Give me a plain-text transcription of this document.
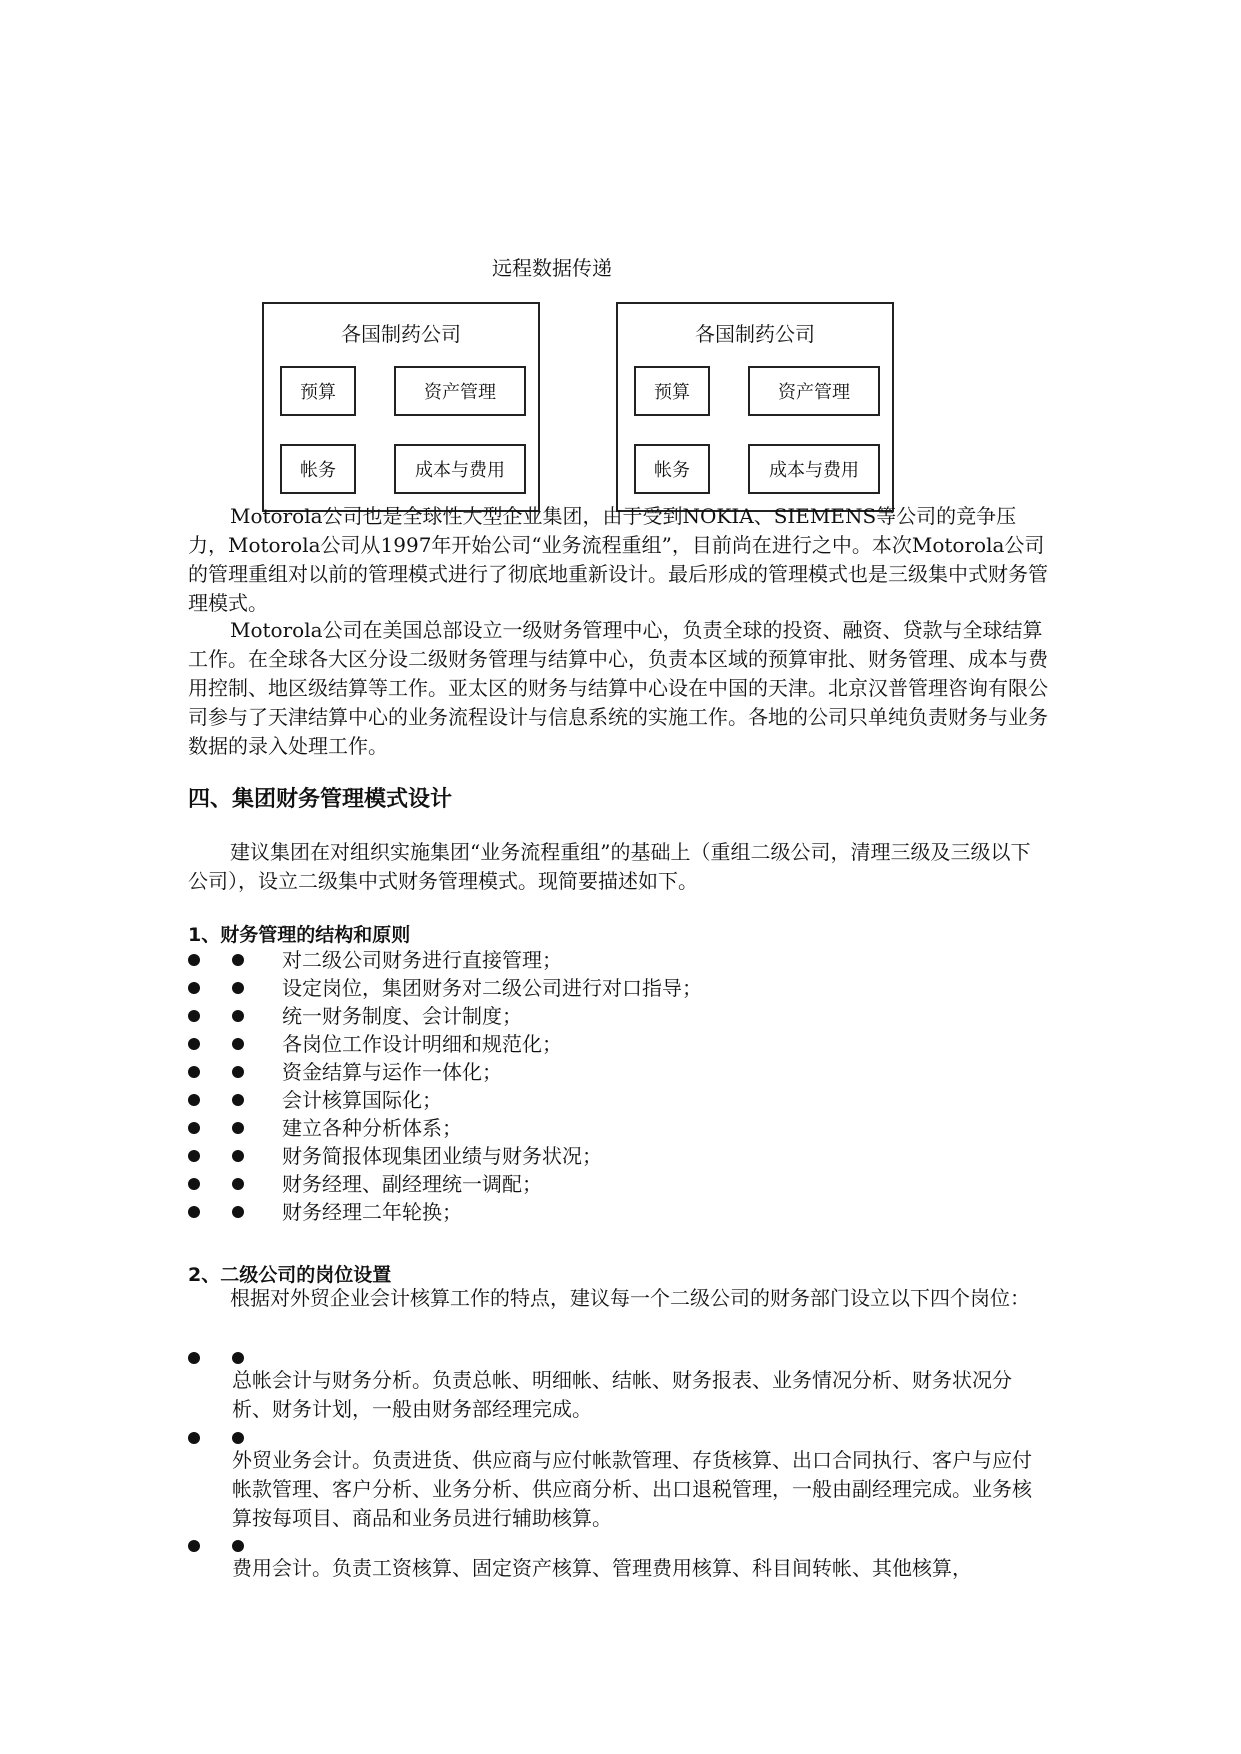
远程数据传递
各国制药公司
预算	资产管理
帐务	成本与费用
各国制药公司
预算	资产管理
帐务	成本与费用
Motorola公司也是全球性大型企业集团，由于受到NOKIA、SIEMENS等公司的竞争压力，Motorola公司从1997年开始公司“业务流程重组”，目前尚在进行之中。本次Motorola公司的管理重组对以前的管理模式进行了彻底地重新设计。最后形成的管理模式也是三级集中式财务管理模式。
Motorola公司在美国总部设立一级财务管理中心，负责全球的投资、融资、贷款与全球结算工作。在全球各大区分设二级财务管理与结算中心，负责本区域的预算审批、财务管理、成本与费用控制、地区级结算等工作。亚太区的财务与结算中心设在中国的天津。北京汉普管理咨询有限公司参与了天津结算中心的业务流程设计与信息系统的实施工作。各地的公司只单纯负责财务与业务数据的录入处理工作。
四、集团财务管理模式设计
建议集团在对组织实施集团“业务流程重组”的基础上（重组二级公司，清理三级及三级以下公司），设立二级集中式财务管理模式。现简要描述如下。
1、财务管理的结构和原则
对二级公司财务进行直接管理；
设定岗位，集团财务对二级公司进行对口指导；
统一财务制度、会计制度；
各岗位工作设计明细和规范化；
资金结算与运作一体化；
会计核算国际化；
建立各种分析体系；
财务简报体现集团业绩与财务状况；
财务经理、副经理统一调配；
财务经理二年轮换；
2、二级公司的岗位设置
根据对外贸企业会计核算工作的特点，建议每一个二级公司的财务部门设立以下四个岗位：
总帐会计与财务分析。负责总帐、明细帐、结帐、财务报表、业务情况分析、财务状况分析、财务计划，一般由财务部经理完成。
外贸业务会计。负责进货、供应商与应付帐款管理、存货核算、出口合同执行、客户与应付帐款管理、客户分析、业务分析、供应商分析、出口退税管理，一般由副经理完成。业务核算按每项目、商品和业务员进行辅助核算。
费用会计。负责工资核算、固定资产核算、管理费用核算、科目间转帐、其他核算，
